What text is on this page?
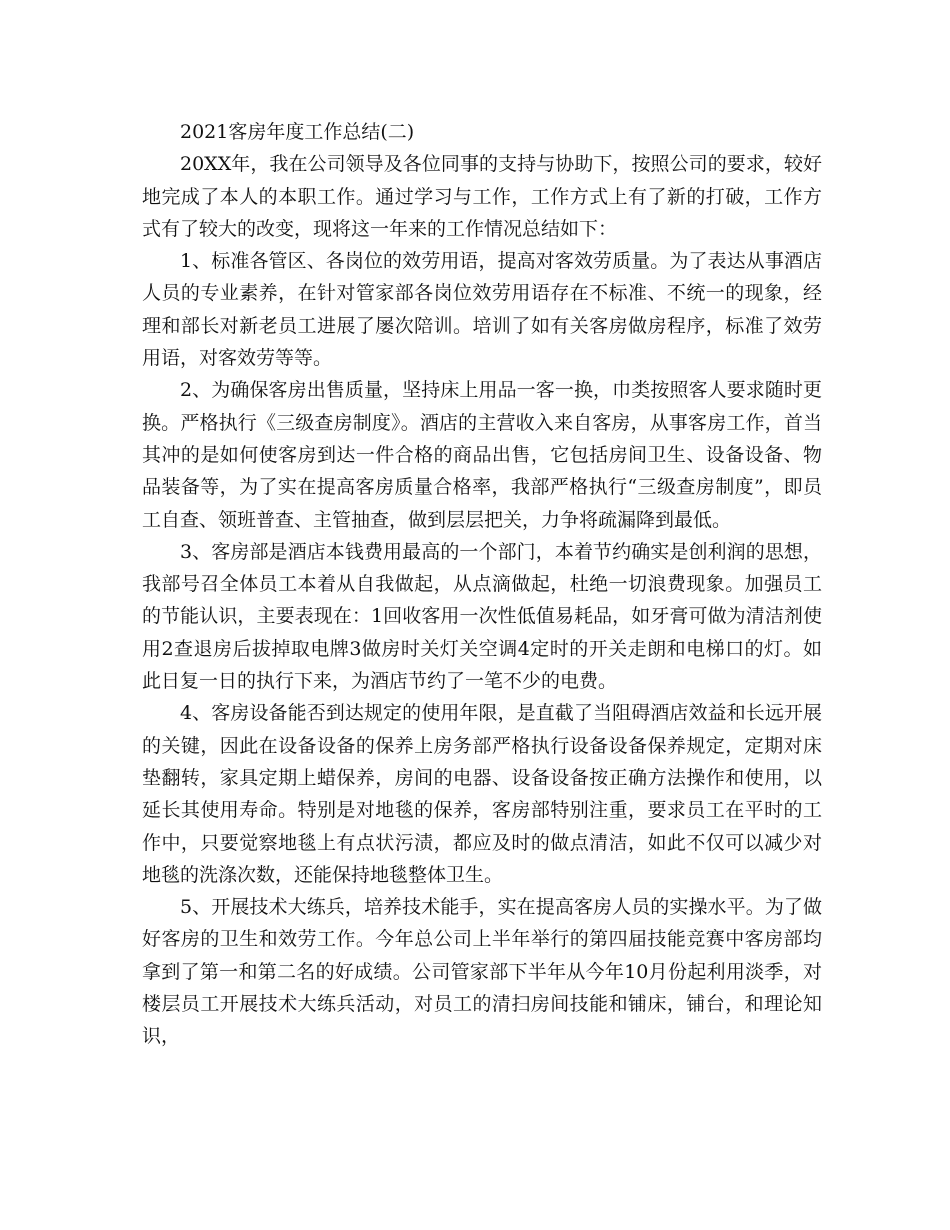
2021客房年度工作总结(二)

20XX年，我在公司领导及各位同事的支持与协助下，按照公司的要求，较好地完成了本人的本职工作。通过学习与工作，工作方式上有了新的打破，工作方式有了较大的改变，现将这一年来的工作情况总结如下：

1、标准各管区、各岗位的效劳用语，提高对客效劳质量。为了表达从事酒店人员的专业素养，在针对管家部各岗位效劳用语存在不标准、不统一的现象，经理和部长对新老员工进展了屡次陪训。培训了如有关客房做房程序，标准了效劳用语，对客效劳等等。

2、为确保客房出售质量，坚持床上用品一客一换，巾类按照客人要求随时更换。严格执行《三级查房制度》。酒店的主营收入来自客房，从事客房工作，首当其冲的是如何使客房到达一件合格的商品出售，它包括房间卫生、设备设备、物品装备等，为了实在提高客房质量合格率，我部严格执行“三级查房制度”，即员工自查、领班普查、主管抽查，做到层层把关，力争将疏漏降到最低。

3、客房部是酒店本钱费用最高的一个部门，本着节约确实是创利润的思想，我部号召全体员工本着从自我做起，从点滴做起，杜绝一切浪费现象。加强员工的节能认识，主要表现在：1回收客用一次性低值易耗品，如牙膏可做为清洁剂使用2查退房后拔掉取电牌3做房时关灯关空调4定时的开关走朗和电梯口的灯。如此日复一日的执行下来，为酒店节约了一笔不少的电费。

4、客房设备能否到达规定的使用年限，是直截了当阻碍酒店效益和长远开展的关键，因此在设备设备的保养上房务部严格执行设备设备保养规定，定期对床垫翻转，家具定期上蜡保养，房间的电器、设备设备按正确方法操作和使用，以延长其使用寿命。特别是对地毯的保养，客房部特别注重，要求员工在平时的工作中，只要觉察地毯上有点状污渍，都应及时的做点清洁，如此不仅可以减少对地毯的洗涤次数，还能保持地毯整体卫生。

5、开展技术大练兵，培养技术能手，实在提高客房人员的实操水平。为了做好客房的卫生和效劳工作。今年总公司上半年举行的第四届技能竞赛中客房部均拿到了第一和第二名的好成绩。公司管家部下半年从今年10月份起利用淡季，对楼层员工开展技术大练兵活动，对员工的清扫房间技能和铺床，铺台，和理论知识，
